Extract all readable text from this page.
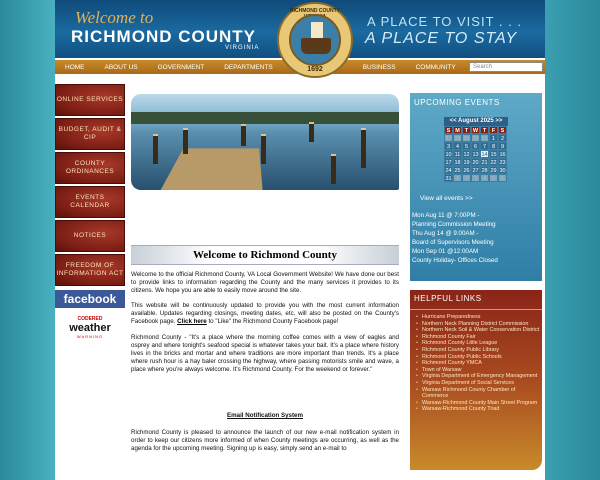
Welcome to
RICHMOND COUNTY
VIRGINIA
A PLACE TO VISIT . . .
A PLACE TO STAY
RICHMOND COUNTY
1692
HOME	ABOUT US	GOVERNMENT	DEPARTMENTS	BUSINESS	COMMUNITY	Search
ONLINE SERVICES
BUDGET, AUDIT & CIP
COUNTY ORDINANCES
EVENTS CALENDAR
NOTICES
FREEDOM OF INFORMATION ACT
facebook
CODERED
weather
WARNING
Welcome to Richmond County

Welcome to the official Richmond County, VA Local Government Website! We have done our best to provide links to information regarding the County and the many services it provides to its citizens. We hope you are able to easily move around the site.

This website will be continuously updated to provide you with the most current information available. Updates regarding closings, meeting dates, etc. will also be posted on the County's Facebook page. Click here to "Like" the Richmond County Facebook page!

Richmond County - "It's a place where the morning coffee comes with a view of eagles and osprey and where tonight's seafood special is whatever takes your bait. It's a place where history lives in the bricks and mortar and where traditions are more important than trends. It's a place where rush hour is a hay baler crossing the highway, where passing motorists smile and wave, a place where you're always welcome. It's Richmond County. For the weekend or forever."

Email Notification System

Richmond County is pleased to announce the launch of our new e-mail notification system in order to keep our citizens more informed of when County meetings are occurring, as well as the agenda for the upcoming meeting. Signing up is easy, simply send an e-mail to

UPCOMING EVENTS
<< August 2025 >>
S M T W T	F S
27 28 29 30 31 1	2
3	4	5	6	7	8	9
10 11 12 13 14 15 16
17 18 19 20 21 22 23
24 25 26 27 28 29 30
31 1	2	3	4	5	6
View all events >>
Mon Aug 11 @ 7:00PM -
Planning Commission Meeting
Thu Aug 14 @ 9:00AM -
Board of Supervisors Meeting
Mon Sep 01 @12:00AM
County Holiday- Offices Closed
HELPFUL LINKS
• Hurricane Preparedness
• Northern Neck Planning District Commission
• Northern Neck Soil & Water Conservation District
• Richmond County Fair
• Richmond County Little League
• Richmond County Public Library
• Richmond County Public Schools
• Richmond County YMCA
• Town of Warsaw
• Virginia Department of Emergency Management
• Virginia Department of Social Services
• Warsaw Richmond County Chamber of Commerce
• Warsaw-Richmond County Main Street Program
• Warsaw-Richmond County Triad
